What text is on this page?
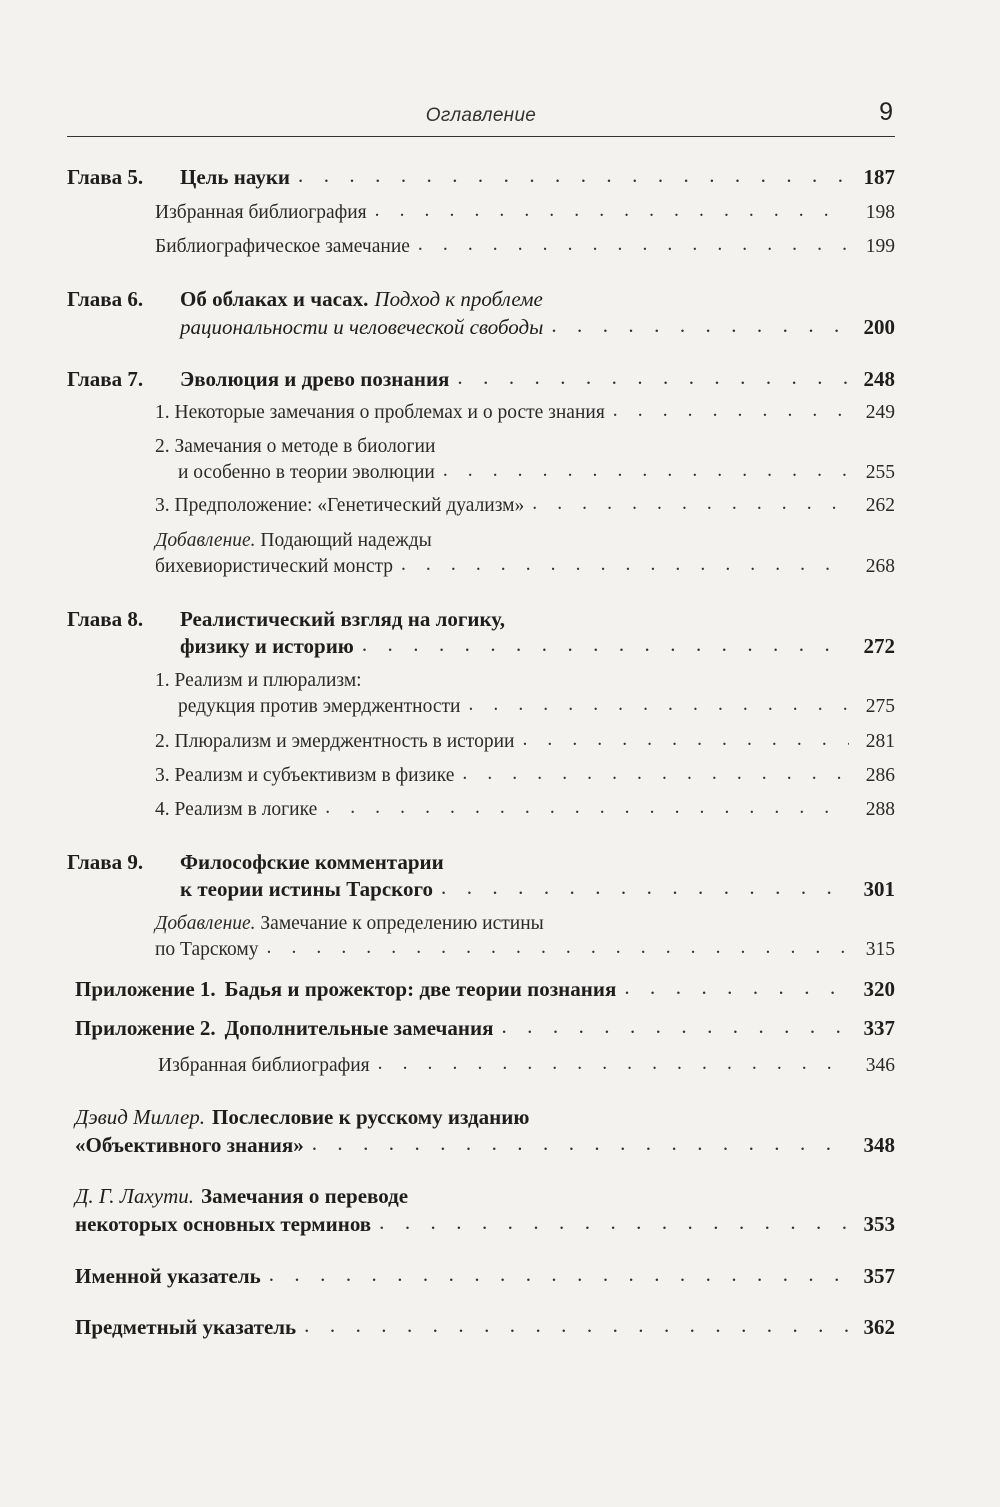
Оглавление	9
Глава 5.	Цель науки . . .	187
Избранная библиография . . .	198
Библиографическое замечание . . .	199
Глава 6.	Об облаках и часах. Подход к проблеме
рациональности и человеческой свободы . . .	200
Глава 7.	Эволюция и древо познания . . .	248
1. Некоторые замечания о проблемах и о росте знания . . .	249
2. Замечания о методе в биологии
и особенно в теории эволюции . . .	255
3. Предположение: «Генетический дуализм» . . .	262
Добавление. Подающий надежды
бихевиористический монстр . . .	268
Глава 8.	Реалистический взгляд на логику,
физику и историю . . .	272
1. Реализм и плюрализм:
редукция против эмерджентности . . .	275
2. Плюрализм и эмерджентность в истории . . .	281
3. Реализм и субъективизм в физике . . .	286
4. Реализм в логике . . .	288
Глава 9.	Философские комментарии
к теории истины Тарского . . .	301
Добавление. Замечание к определению истины
по Тарскому . . .	315
Приложение 1. Бадья и прожектор: две теории познания . . .	320
Приложение 2. Дополнительные замечания . . .	337
Избранная библиография . . .	346
Дэвид Миллер. Послесловие к русскому изданию
«Объективного знания» . . .	348
Д. Г. Лахути. Замечания о переводе
некоторых основных терминов . . .	353
Именной указатель . . .	357
Предметный указатель . . .	362
